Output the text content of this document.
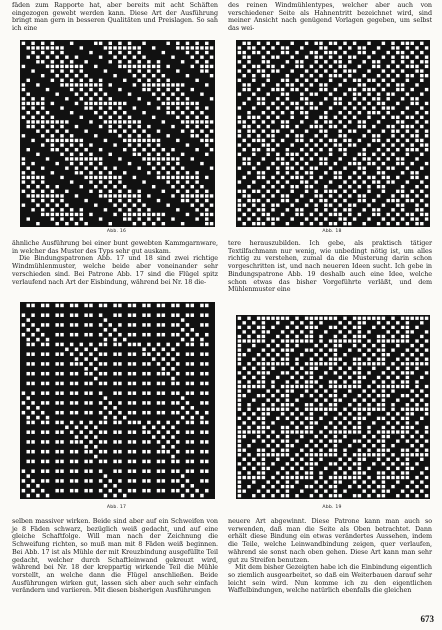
fäden zum Rapporte hat, aber bereits mit acht Schäften eingezogen gewebt werden kann. Diese Art der Ausführung bringt man gern in besseren Qualitäten und Preislagen. So sah ich eine

des reinen Windmühlentypes, welcher aber auch von verschiedener Seite als Hahnentritt bezeichnet wird, sind meiner Ansicht nach genügend Vorlagen gegeben, um selbst das wei-

Abb. 16	Abb. 18

ähnliche Ausführung bei einer bunt gewebten Kammgarnware, in welcher das Muster des Typs sehr gut auskam.

Die Bindungspatronen Abb. 17 und 18 sind zwei richtige Windmühlenmuster, welche beide aber voneinander sehr verschieden sind. Bei Patrone Abb. 17 sind die Flügel spitz verlaufend nach Art der Eisbindung, während bei Nr. 18 die-

tere herauszubilden. Ich gebe, als praktisch tätiger Textilfachmann nur wenig, wie unbedingt nötig ist, um alles richtig zu verstehen, zumal da die Musterung darin schon vorgeschritten ist, und nach neueren Ideen sucht. Ich gebe in Bindungspatrone Abb. 19 deshalb auch eine Idee, welche schon etwas das bisher Vorgeführte verläßt, und dem Mühlenmuster eine

Abb. 17	Abb. 19

selben massiver wirken. Beide sind aber auf ein Schweifen von je 8 Fäden schwarz, bezüglich weiß gedacht, und auf eine gleiche Schaftfolge. Will man nach der Zeichnung die Schweifung richten, so muß man mit 8 Fäden weiß beginnen. Bei Abb. 17 ist als Mühle der mit Kreuzbindung ausgefüllte Teil gedacht, welcher durch Schaftleinwand gekreuzt wird, während bei Nr. 18 der kreppartig wirkende Teil die Mühle vorstellt, an welche dann die Flügel anschließen. Beide Ausführungen wirken gut, lassen sich aber auch sehr einfach verändern und variieren. Mit diesen bisherigen Ausführungen

neuere Art abgewinnt. Diese Patrone kann man auch so verwenden, daß man die Seite als Oben betrachtet. Dann erhält diese Bindung ein etwas verändertes Aussehen, indem die Teile, welche Leinwandbindung zeigen, quer verlaufen, während sie sonst nach oben gehen. Diese Art kann man sehr gut zu Streifen benutzen.

Mit dem bisher Gezeigten habe ich die Einbindung eigentlich so ziemlich ausgearbeitet, so daß ein Weiterbauen darauf sehr leicht sein wird. Nun komme ich zu den eigentlichen Waffelbindungen, welche natürlich ebenfalls die gleichen

673
